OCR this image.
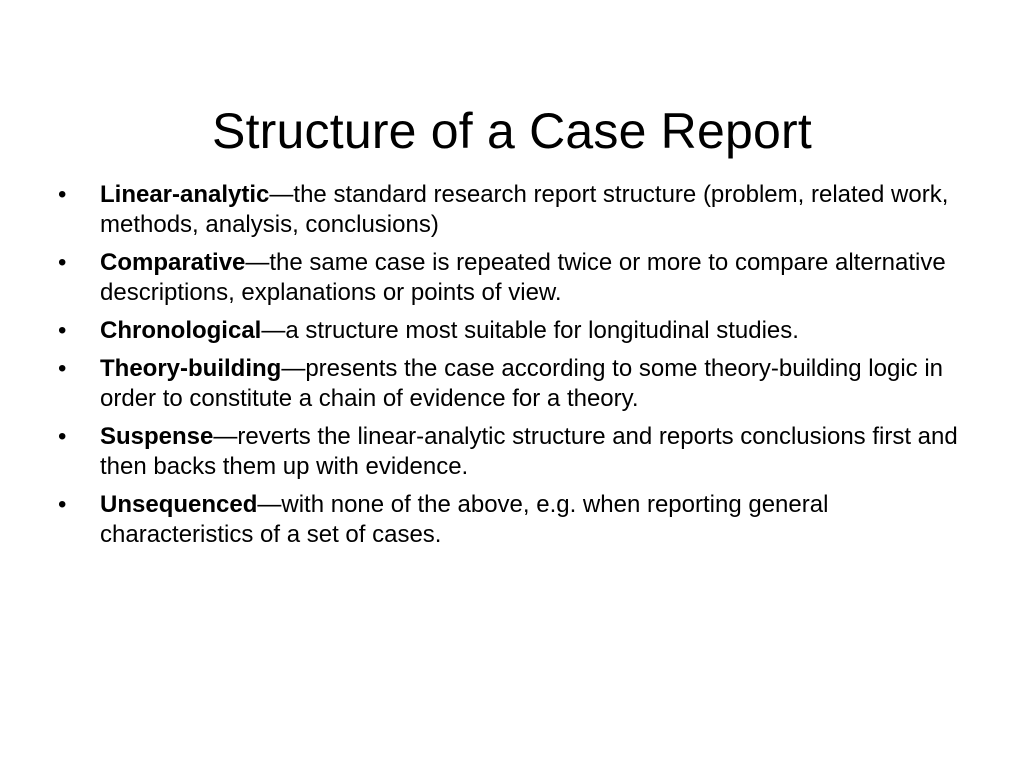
Structure of a Case Report
•	Linear-analytic—the standard research report structure (problem, related work, methods, analysis, conclusions)
•	Comparative—the same case is repeated twice or more to compare alternative descriptions, explanations or points of view.
•	Chronological—a structure most suitable for longitudinal studies.
•	Theory-building—presents the case according to some theory-building logic in order to constitute a chain of evidence for a theory.
•	Suspense—reverts the linear-analytic structure and reports conclusions first and then backs them up with evidence.
•	Unsequenced—with none of the above, e.g. when reporting general characteristics of a set of cases.
